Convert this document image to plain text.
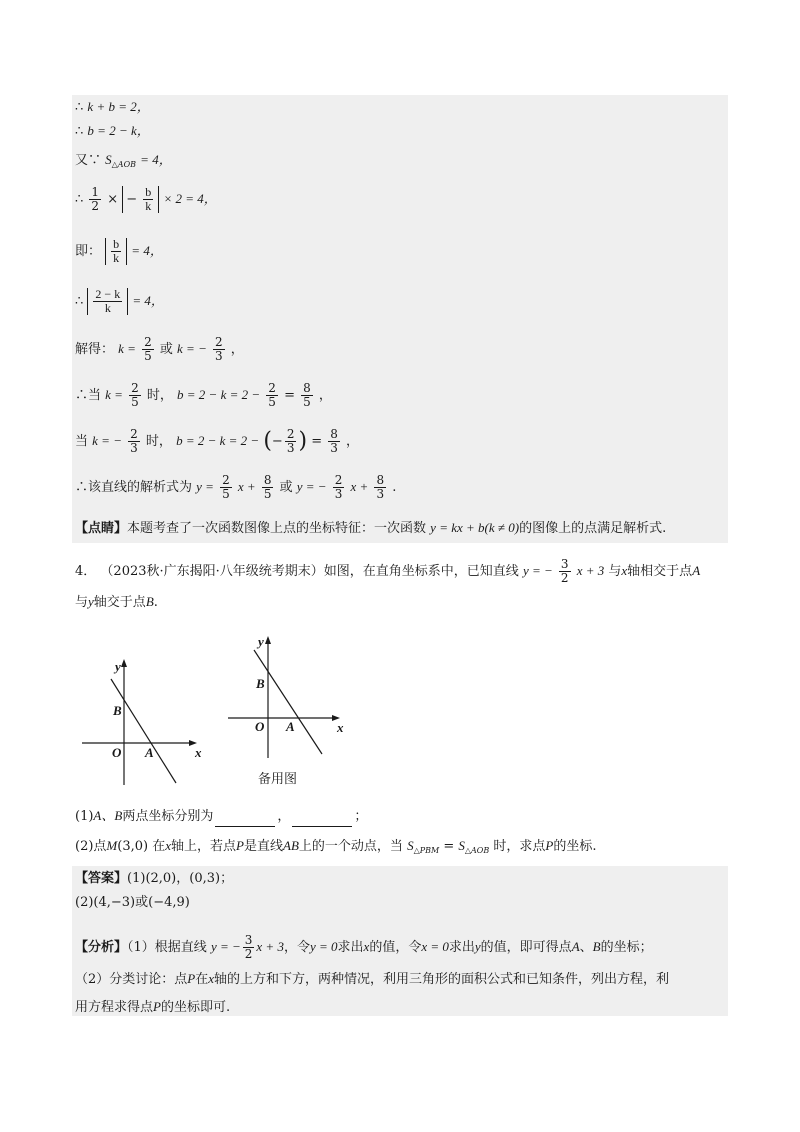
∴ k + b = 2，
∴ b = 2 − k，
又∵ $S_{\triangle AOB} = 4$，
∴ $\frac{1}{2}$ × − $\frac{b}{k} \times 2 = 4$，
即： $\frac{b}{k} = 4$，
∴ $\frac{2 - k}{k} = 4$，
解得： $k = \frac{2}{5}$ 或 k = − $\frac{2}{3}$ ，
∴当 $k = \frac{2}{5}$ 时， $b = 2 - k = 2 - \frac{2}{5} = \frac{8}{5}$ ，
当 k = − $\frac{2}{3}$ 时， b = 2 − k = 2 − (− $\frac{2}{3}$ ) = $\frac{8}{3}$ ，
∴该直线的解析式为 $y = \frac{2}{5}$ $x + \frac{8}{5}$ 或 y = − $\frac{2}{3}$ $x + \frac{8}{3}$ .
【点睛】本题考查了一次函数图像上点的坐标特征：一次函数 y = kx + b(k ≠ 0)的图像上的点满足解析式.
4． （2023秋·广东揭阳·八年级统考期末）如图，在直角坐标系中，已知直线 y = − $\frac{3}{2}$ x + 3 与x轴相交于点A
与y轴交于点B.
y
x
O A
B
y
x
O A
B
备用图
(1)A、B两点坐标分别为	，	；
(2)点M(3,0) 在x轴上，若点P是直线AB上的一个动点，当 $S_{\triangle PBM} = S_{\triangle AOB}$ 时，求点P的坐标.
【答案】(1)(2,0)，(0,3)；
(2)(4,−3)或(−4,9)
【分析】（1）根据直线 y = − $\frac{3}{2}$ x + 3，令y = 0求出x的值，令x = 0求出y的值，即可得点A、B的坐标；
（2）分类讨论：点P在x轴的上方和下方，两种情况，利用三角形的面积公式和已知条件，列出方程，利
用方程求得点P的坐标即可.
